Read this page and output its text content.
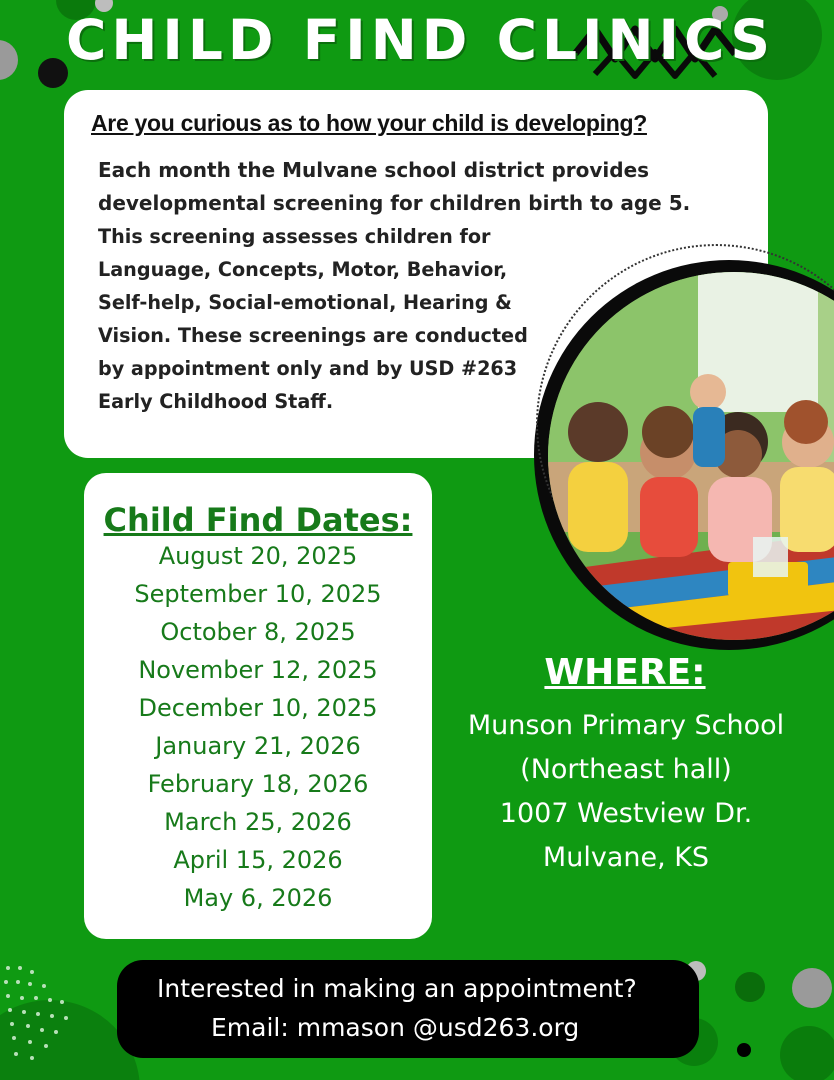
CHILD FIND CLINICS

Are you curious as to how your child is developing?

Each month the Mulvane school district provides
developmental screening for children birth to age 5.

This screening assesses children for Language, Concepts, Motor, Behavior, Self-help, Social-emotional, Hearing & Vision. These screenings are conducted by appointment only and by USD #263 Early Childhood Staff.

Child Find Dates:
August 20, 2025
September 10, 2025
October 8, 2025
November 12, 2025
December 10, 2025
January 21, 2026
February 18, 2026
March 25, 2026
April 15, 2026
May 6, 2026
WHERE:
Munson Primary School
(Northeast hall)
1007 Westview Dr.
Mulvane, KS

Interested in making an appointment?

Email: mmason @usd263.org
